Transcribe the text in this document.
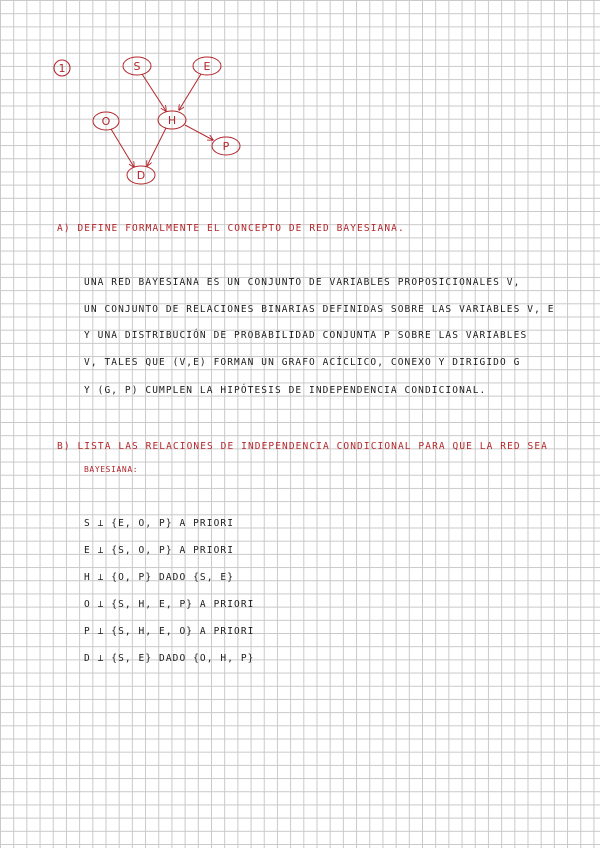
1	S	E
O	H
P
D
A) DEFINE FORMALMENTE EL CONCEPTO DE RED BAYESIANA.
UNA RED BAYESIANA ES UN CONJUNTO DE VARIABLES PROPOSICIONALES V,
UN CONJUNTO DE RELACIONES BINARIAS DEFINIDAS SOBRE LAS VARIABLES V, E
Y UNA DISTRIBUCIÓN DE PROBABILIDAD CONJUNTA P SOBRE LAS VARIABLES
V, TALES QUE (V,E) FORMAN UN GRAFO ACÍCLICO, CONEXO Y DIRIGIDO G
Y (G, P) CUMPLEN LA HIPÓTESIS DE INDEPENDENCIA CONDICIONAL.
B) LISTA LAS RELACIONES DE INDEPENDENCIA CONDICIONAL PARA QUE LA RED SEA
BAYESIANA:
S ⊥ {E, O, P} A PRIORI
E ⊥ {S, O, P} A PRIORI
H ⊥ {O, P} DADO {S, E}
O ⊥ {S, H, E, P} A PRIORI
P ⊥ {S, H, E, O} A PRIORI
D ⊥ {S, E} DADO {O, H, P}
